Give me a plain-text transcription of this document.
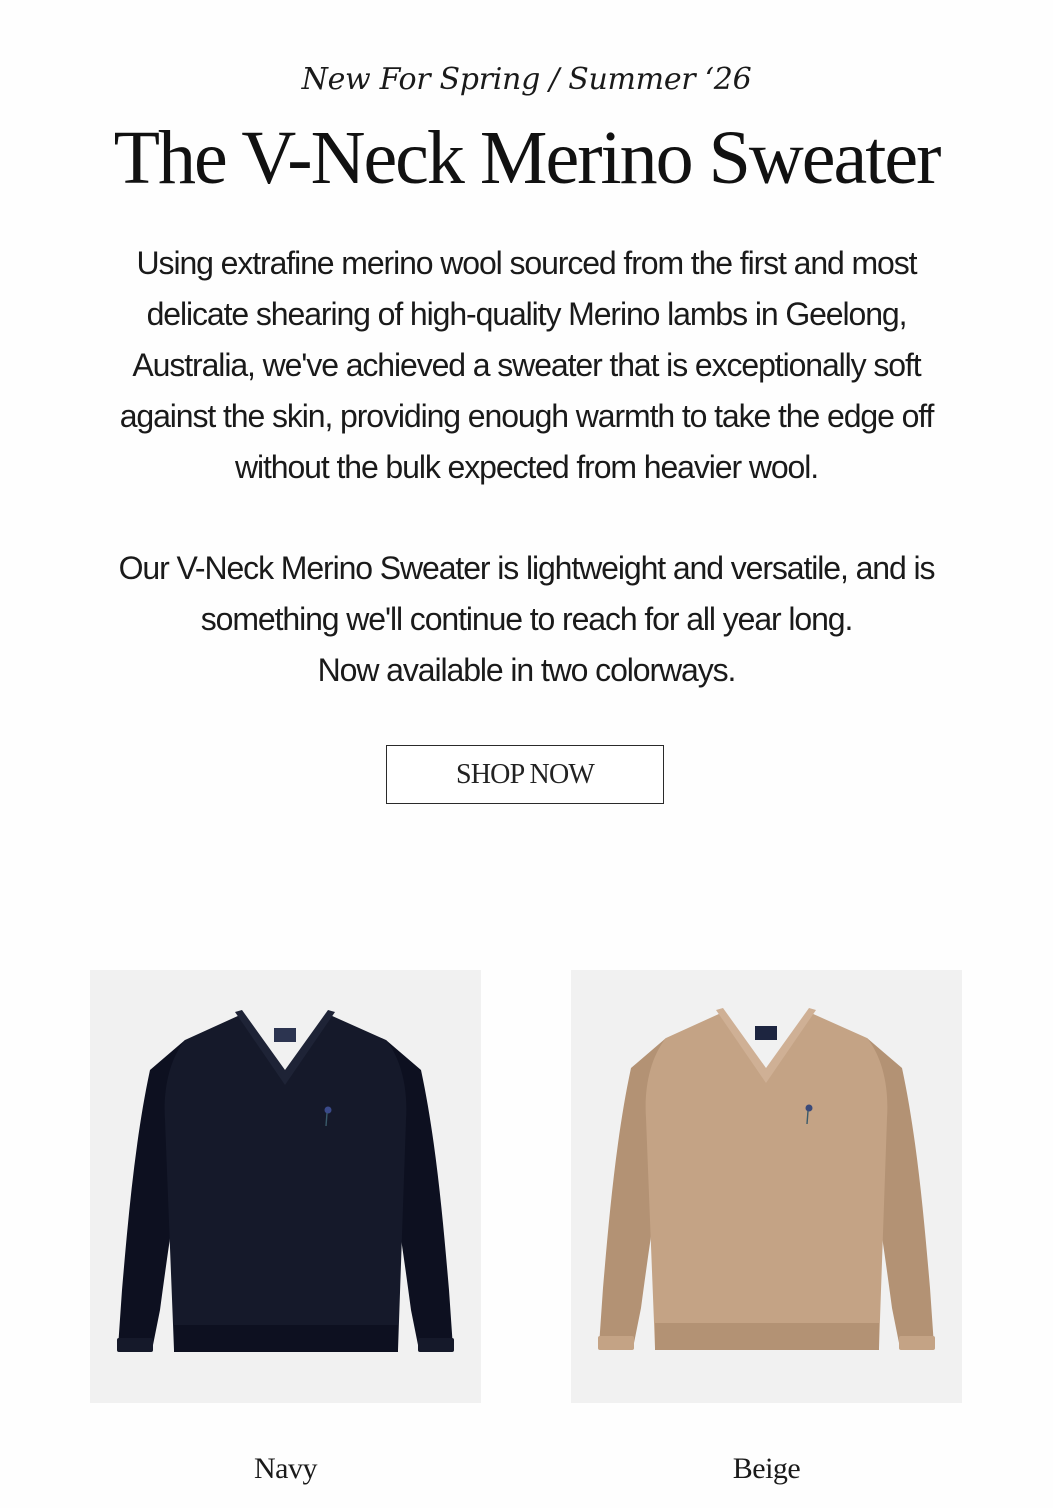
New For Spring / Summer ‘26
The V-Neck Merino Sweater

Using extrafine merino wool sourced from the first and most
delicate shearing of high-quality Merino lambs in Geelong,
Australia, we've achieved a sweater that is exceptionally soft
against the skin, providing enough warmth to take the edge off
without the bulk expected from heavier wool.

Our V-Neck Merino Sweater is lightweight and versatile, and is
something we'll continue to reach for all year long.
Now available in two colorways.

SHOP NOW
Navy	Beige
